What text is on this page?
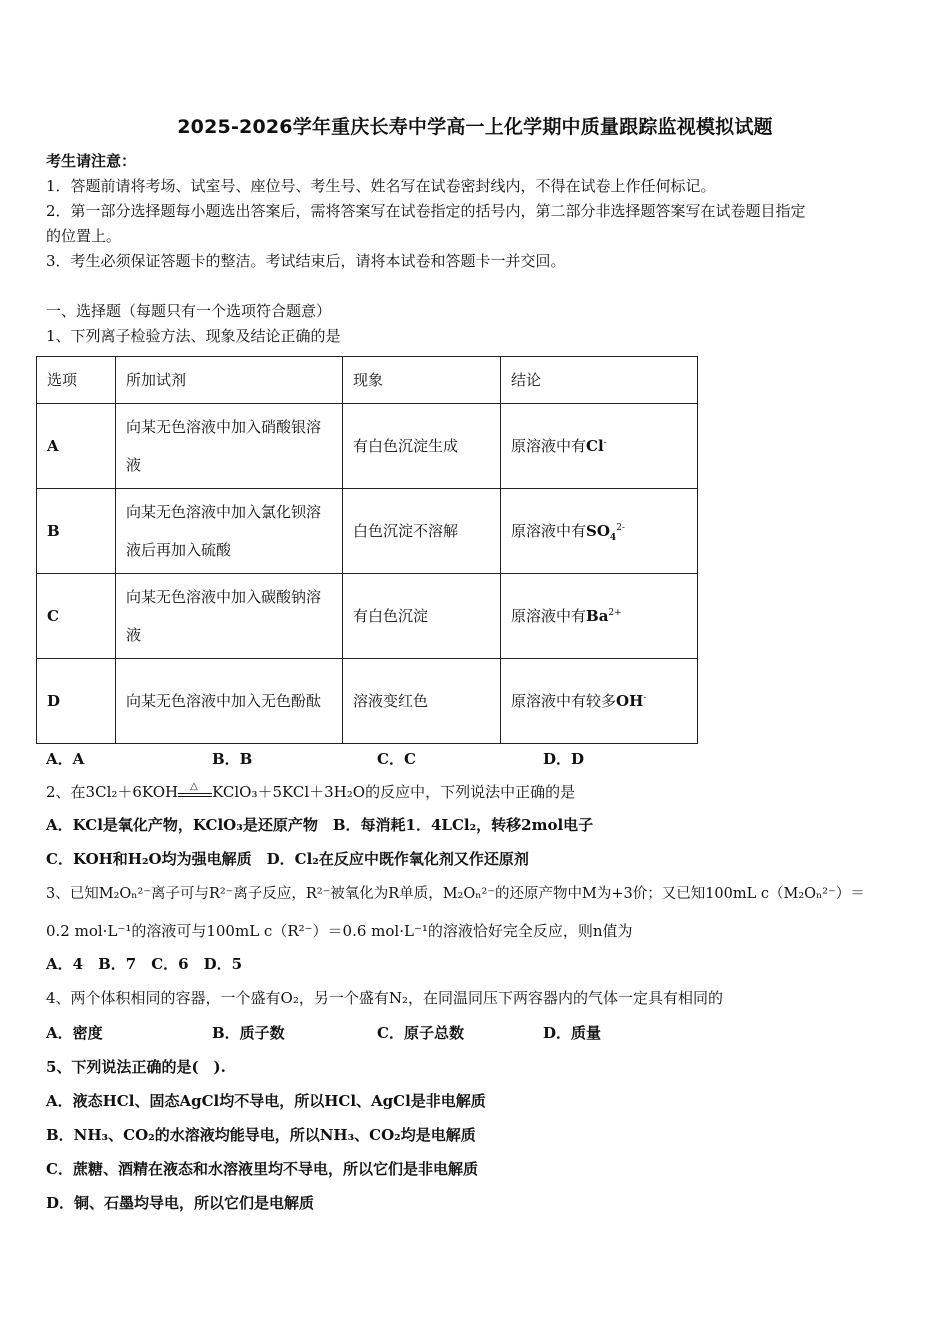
2025-2026学年重庆长寿中学高一上化学期中质量跟踪监视模拟试题
考生请注意：
1．答题前请将考场、试室号、座位号、考生号、姓名写在试卷密封线内，不得在试卷上作任何标记。
2．第一部分选择题每小题选出答案后，需将答案写在试卷指定的括号内，第二部分非选择题答案写在试卷题目指定
的位置上。
3．考生必须保证答题卡的整洁。考试结束后，请将本试卷和答题卡一并交回。
一、选择题（每题只有一个选项符合题意）
1、下列离子检验方法、现象及结论正确的是
选项	所加试剂	现象	结论
A	向某无色溶液中加入硝酸银溶液	有白色沉淀生成	原溶液中有Cl-
B	向某无色溶液中加入氯化钡溶液后再加入硫酸	白色沉淀不溶解	原溶液中有$SO_4^{2-}$
C	向某无色溶液中加入碳酸钠溶液	有白色沉淀	原溶液中有$Ba^{2+}$
D	向某无色溶液中加入无色酚酞	溶液变红色	原溶液中有较多OH-
A．A	B．B	C．C	D．D
2、在3Cl₂＋6KOH △ KClO₃＋5KCl＋3H₂O的反应中，下列说法中正确的是
A．KCl是氧化产物，KClO₃是还原产物　 B．每消耗1．4LCl₂，转移2mol电子
C．KOH和H₂O均为强电解质　 D．Cl₂在反应中既作氧化剂又作还原剂
3、已知M₂Oₙ²⁻离子可与R²⁻离子反应，R²⁻被氧化为R单质，M₂Oₙ²⁻的还原产物中M为+3价；又已知100mL c（M₂Oₙ²⁻）＝
0.2 mol·L⁻¹的溶液可与100mL c（R²⁻）＝0.6 mol·L⁻¹的溶液恰好完全反应，则n值为
A．4　B．7　C．6　D．5
4、两个体积相同的容器，一个盛有O₂，另一个盛有N₂，在同温同压下两容器内的气体一定具有相同的
A．密度	B．质子数	C．原子总数	D．质量
5、下列说法正确的是(　).
A．液态HCl、固态AgCl均不导电，所以HCl、AgCl是非电解质
B．NH₃、CO₂的水溶液均能导电，所以NH₃、CO₂均是电解质
C．蔗糖、酒精在液态和水溶液里均不导电，所以它们是非电解质
D．铜、石墨均导电，所以它们是电解质
